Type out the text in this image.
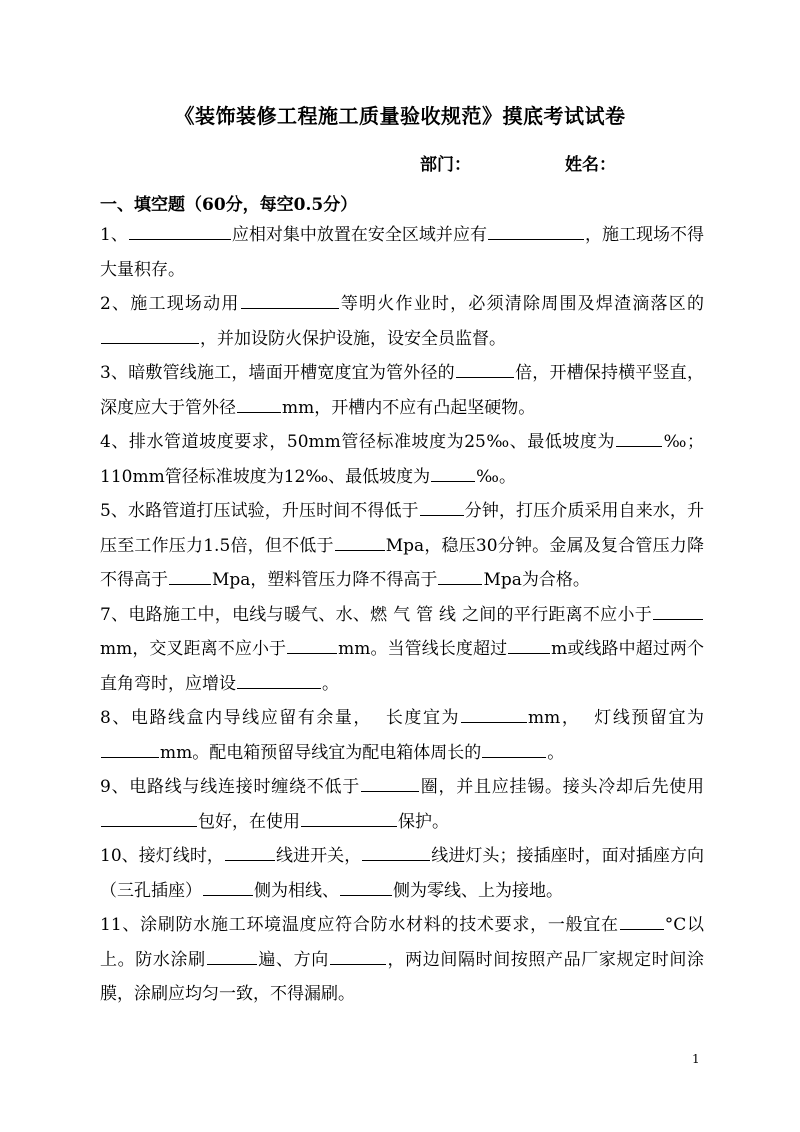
《装饰装修工程施工质量验收规范》摸底考试试卷
部门：	姓名：
一、填空题（60分，每空0.5分）
1、	应相对集中放置在安全区域并应有	，施工现场不得大量积存。
2、施工现场动用	等明火作业时，必须清除周围及焊渣滴落区的 ，并加设防火保护设施，设安全员监督。
3、暗敷管线施工，墙面开槽宽度宜为管外径的	倍，开槽保持横平竖直，深度应大于管外径	mm，开槽内不应有凸起坚硬物。
4、排水管道坡度要求，50mm管径标准坡度为25‰、最低坡度为	‰；110mm管径标准坡度为12‰、最低坡度为	‰。
5、水路管道打压试验，升压时间不得低于	分钟，打压介质采用自来水，升压至工作压力1.5倍，但不低于	Mpa，稳压30分钟。金属及复合管压力降不得高于	Mpa，塑料管压力降不得高于	Mpa为合格。
7、电路施工中，电线与暖气、水、燃 气 管 线 之间的平行距离不应小于mm，交叉距离不应小于	mm。当管线长度超过	m或线路中超过两个直角弯时，应增设	。
8、电路线盒内导线应留有余量，  长度宜为	mm，  灯线预留宜为mm。配电箱预留导线宜为配电箱体周长的	。
9、电路线与线连接时缠绕不低于	圈，并且应挂锡。接头冷却后先使用包好，在使用	保护。
10、接灯线时，	线进开关，	线进灯头；接插座时，面对插座方向（三孔插座）	侧为相线、	侧为零线、上为接地。
11、涂刷防水施工环境温度应符合防水材料的技术要求，一般宜在	°C以上。防水涂刷	遍、方向	，两边间隔时间按照产品厂家规定时间涂膜，涂刷应均匀一致，不得漏刷。
1
